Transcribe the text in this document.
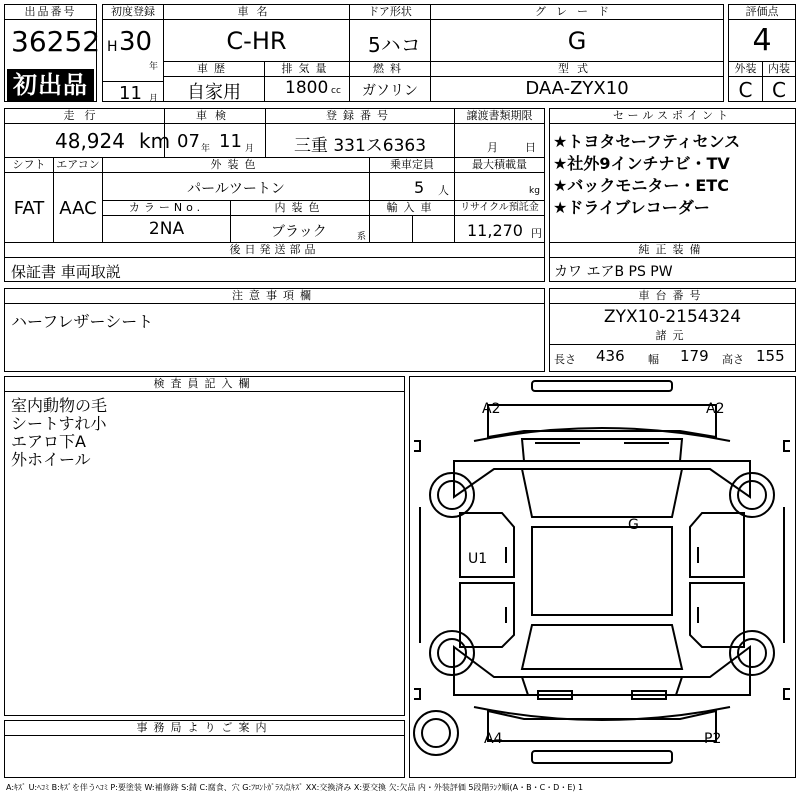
出品番号
36252
初出品
初度登録
H 30
年
11 月
車名
C-HR
ドア形状
5ハコ
グレード
G
評価点
4
車歴
自家用
排気量
1800 cc
燃料
ガソリン
型式
DAA-ZYX10
外装
C
内装
C
走行
48,924 km
車検
07 年 11 月
登録番号
三重 331ス6363
譲渡書類期限
月 日
シフト
FAT
エアコン
AAC
外装色
パールツートン
乗車定員
5 人
最大積載量
kg
カラーNo.
2NA
内装色
ブラック	系
輸入車	リサイクル預託金
11,270 円
セールスポイント
★トヨタセーフティセンス
★社外9インチナビ・TV
★バックモニター・ETC
★ドライブレコーダー
後日発送部品
保証書 車両取説
純正装備
カワ エアB PS PW
注意事項欄
ハーフレザーシート
車台番号
ZYX10-2154324
諸元
長さ 436 幅 179 高さ 155
検査員記入欄
室内動物の毛
シートすれ小
エアロ下A
外ホイール
事務局よりご案内
A2	A2
G
U1
A4	P2
A:ｷｽﾞ U:ﾍｺﾐ B:ｷｽﾞを伴うﾍｺﾐ P:要塗装 W:補修跡 S:錆 C:腐食、穴 G:ﾌﾛﾝﾄｶﾞﾗｽ点ｷｽﾞ XX:交換済み X:要交換 欠:欠品 内・外装評価 5段階ﾗﾝｸ順(A・B・C・D・E) 1
